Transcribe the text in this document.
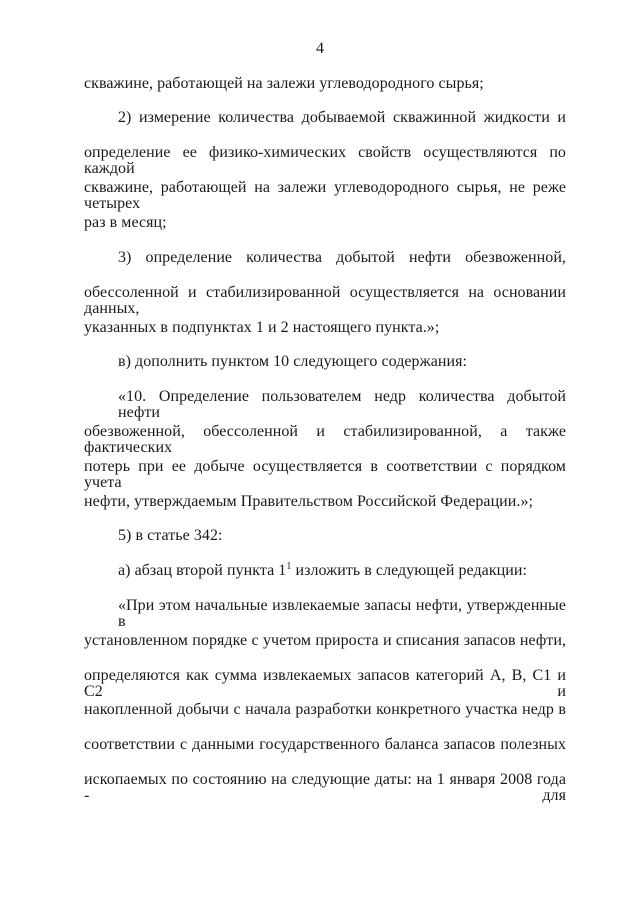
4
скважине, работающей на залежи углеводородного сырья;
2) измерение количества добываемой скважинной жидкости и
определение ее физико-химических свойств осуществляются по каждой
скважине, работающей на залежи углеводородного сырья, не реже четырех
раз в месяц;
3) определение количества добытой нефти обезвоженной,
обессоленной и стабилизированной осуществляется на основании данных,
указанных в подпунктах 1 и 2 настоящего пункта.»;
в) дополнить пунктом 10 следующего содержания:
«10. Определение пользователем недр количества добытой нефти
обезвоженной, обессоленной и стабилизированной, а также фактических
потерь при ее добыче осуществляется в соответствии с порядком учета
нефти, утверждаемым Правительством Российской Федерации.»;
5) в статье 342:
а) абзац второй пункта $1^1$ изложить в следующей редакции:
«При этом начальные извлекаемые запасы нефти, утвержденные в
установленном порядке с учетом прироста и списания запасов нефти,
определяются как сумма извлекаемых запасов категорий А, В, С1 и С2 и
накопленной добычи с начала разработки конкретного участка недр в
соответствии с данными государственного баланса запасов полезных
ископаемых по состоянию на следующие даты: на 1 января 2008 года - для
